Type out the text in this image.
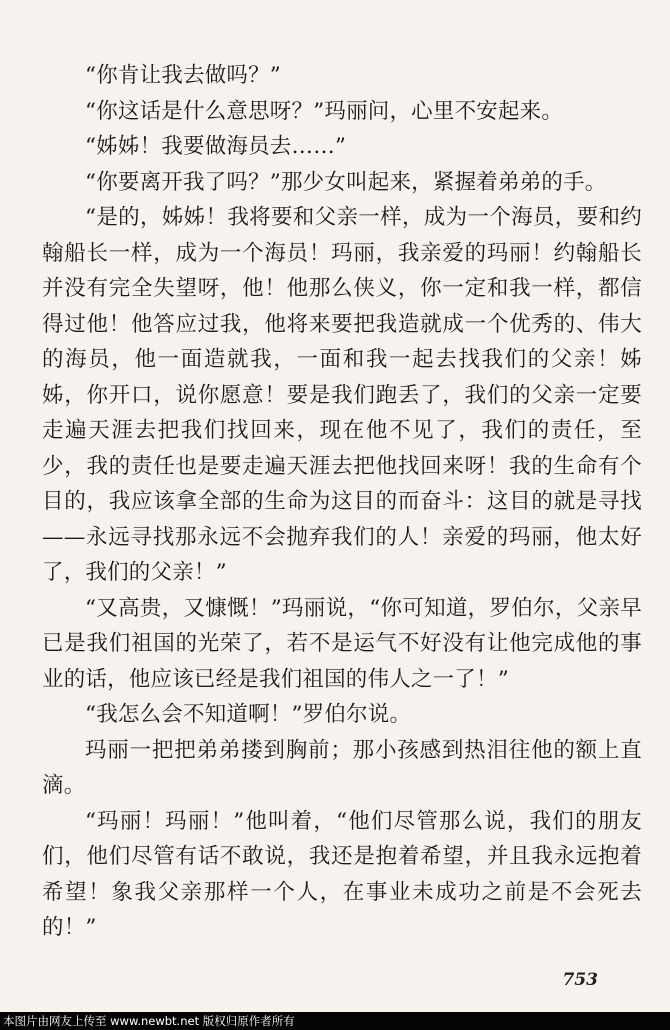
“你肯让我去做吗？”

“你这话是什么意思呀？”玛丽问，心里不安起来。

“姊姊！我要做海员去……”

“你要离开我了吗？”那少女叫起来，紧握着弟弟的手。

“是的，姊姊！我将要和父亲一样，成为一个海员，要和约翰船长一样，成为一个海员！玛丽，我亲爱的玛丽！约翰船长并没有完全失望呀，他！他那么侠义，你一定和我一样，都信得过他！他答应过我，他将来要把我造就成一个优秀的、伟大的海员，他一面造就我，一面和我一起去找我们的父亲！姊姊，你开口，说你愿意！要是我们跑丢了，我们的父亲一定要走遍天涯去把我们找回来，现在他不见了，我们的责任，至少，我的责任也是要走遍天涯去把他找回来呀！我的生命有个目的，我应该拿全部的生命为这目的而奋斗：这目的就是寻找——永远寻找那永远不会抛弃我们的人！亲爱的玛丽，他太好了，我们的父亲！”

“又高贵，又慷慨！”玛丽说，“你可知道，罗伯尔，父亲早已是我们祖国的光荣了，若不是运气不好没有让他完成他的事业的话，他应该已经是我们祖国的伟人之一了！”

“我怎么会不知道啊！”罗伯尔说。

玛丽一把把弟弟搂到胸前；那小孩感到热泪往他的额上直滴。

“玛丽！玛丽！”他叫着，“他们尽管那么说，我们的朋友们，他们尽管有话不敢说，我还是抱着希望，并且我永远抱着希望！象我父亲那样一个人，在事业未成功之前是不会死去的！”

753
本图片由网友上传至 www.newbt.net 版权归原作者所有
